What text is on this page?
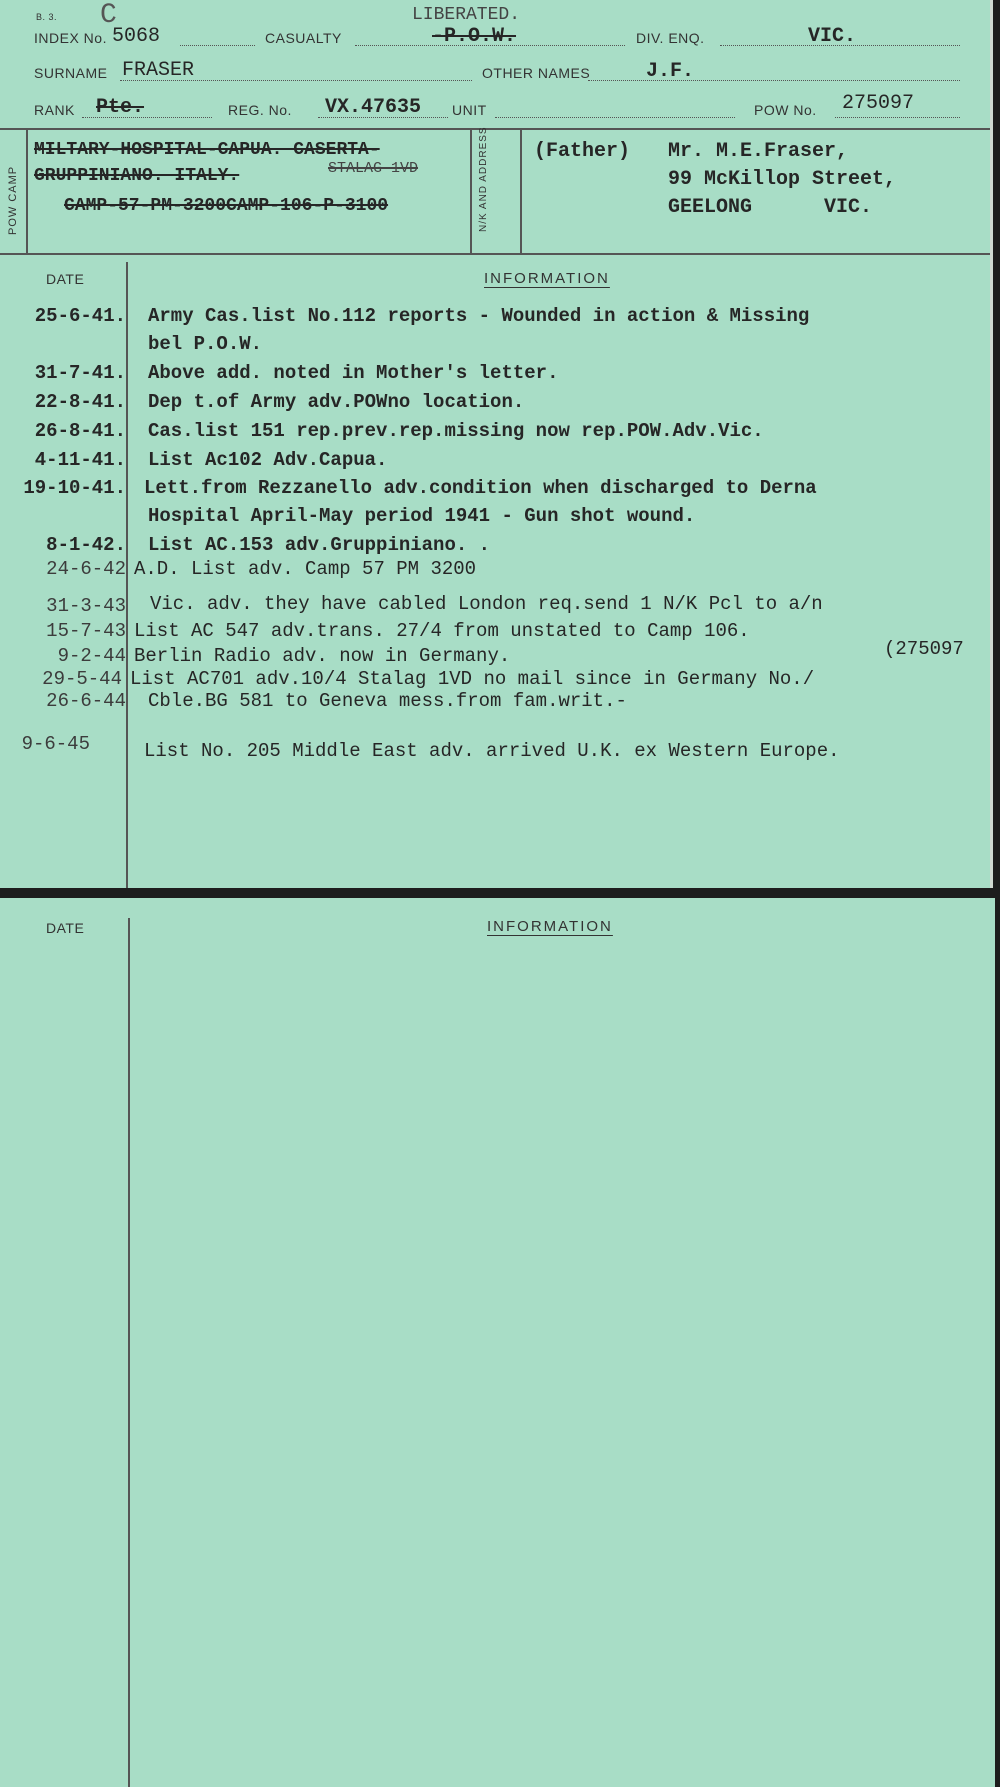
B. 3.
INDEX No.
C
5068	CASUALTY
LIBERATED.
-P.O.W.	DIV. ENQ.	VIC.
SURNAME FRASER	OTHER NAMES	J.F.
RANK Pte.	REG. No. VX.47635 UNIT	POW No. 275097
POW CAMP	N/K AND ADDRESS
MILTARY-HOSPITAL-CAPUA. CASERTA-
GRUPPINIANO. ITALY.	STALAG 1VD
CAMP-57-PM-3200CAMP-106-P-3100
(Father) Mr. M.E.Fraser,
99 McKillop Street,
GEELONG      VIC.
DATE	INFORMATION
25-6-41. Army Cas.list No.112 reports - Wounded in action & Missing
bel P.O.W.
31-7-41. Above add. noted in Mother's letter.
22-8-41. Dep t.of Army adv.POWno location.
26-8-41. Cas.list 151 rep.prev.rep.missing now rep.POW.Adv.Vic.
4-11-41. List Ac102 Adv.Capua.
19-10-41. Lett.from Rezzanello adv.condition when discharged to Derna
Hospital April-May period 1941 - Gun shot wound.
8-1-42. List AC.153 adv.Gruppiniano. .
24-6-42 A.D. List adv. Camp 57 PM 3200
31-3-43 Vic. adv. they have cabled London req.send 1 N/K Pcl to a/n
15-7-43 List AC 547 adv.trans. 27/4 from unstated to Camp 106.
9-2-44 Berlin Radio adv. now in Germany.	(275097
29-5-44 List AC701 adv.10/4 Stalag 1VD no mail since in Germany No./
26-6-44 Cble.BG 581 to Geneva mess.from fam.writ.-
9-6-45	List No. 205 Middle East adv. arrived U.K. ex Western Europe.
DATE	INFORMATION
